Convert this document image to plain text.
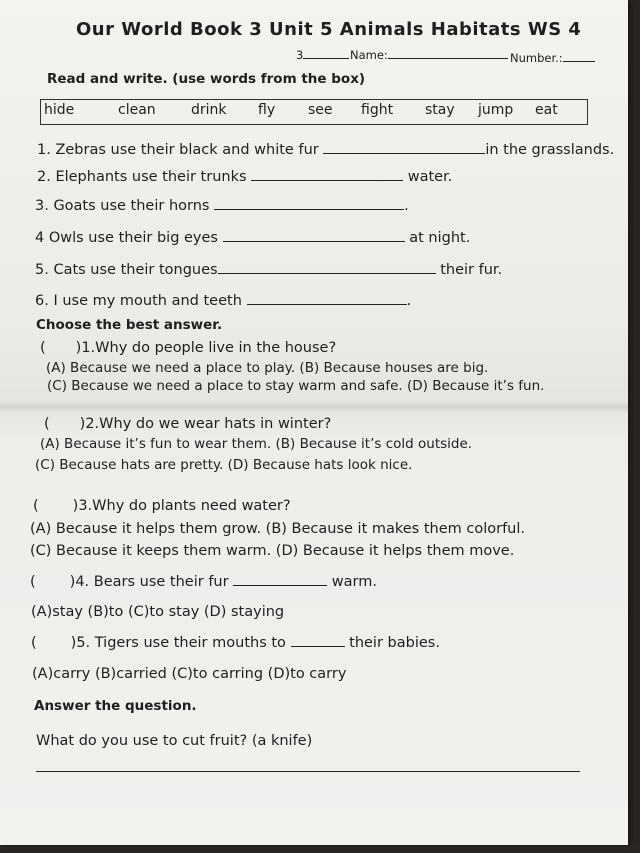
Our World Book 3 Unit 5 Animals Habitats WS 4
3	Name:	Number.:
Read and write. (use words from the box)
hide	clean	drink fly see fight stay jump eat
1. Zebras use their black and white fur	in the grasslands.
2. Elephants use their trunks	water.
3. Goats use their horns	.
4 Owls use their big eyes	at night.
5. Cats use their tongues	their fur.
6. I use my mouth and teeth	.
Choose the best answer.
( )1.Why do people live in the house?
(A) Because we need a place to play. (B) Because houses are big.
(C) Because we need a place to stay warm and safe. (D) Because it’s fun.
( )2.Why do we wear hats in winter?
(A) Because it’s fun to wear them. (B) Because it’s cold outside.
(C) Because hats are pretty. (D) Because hats look nice.
( )3.Why do plants need water?
(A) Because it helps them grow. (B) Because it makes them colorful.
(C) Because it keeps them warm. (D) Because it helps them move.
( )4. Bears use their fur	warm.
(A)stay (B)to (C)to stay (D) staying
( )5. Tigers use their mouths to	their babies.
(A)carry (B)carried (C)to carring (D)to carry
Answer the question.
What do you use to cut fruit? (a knife)
